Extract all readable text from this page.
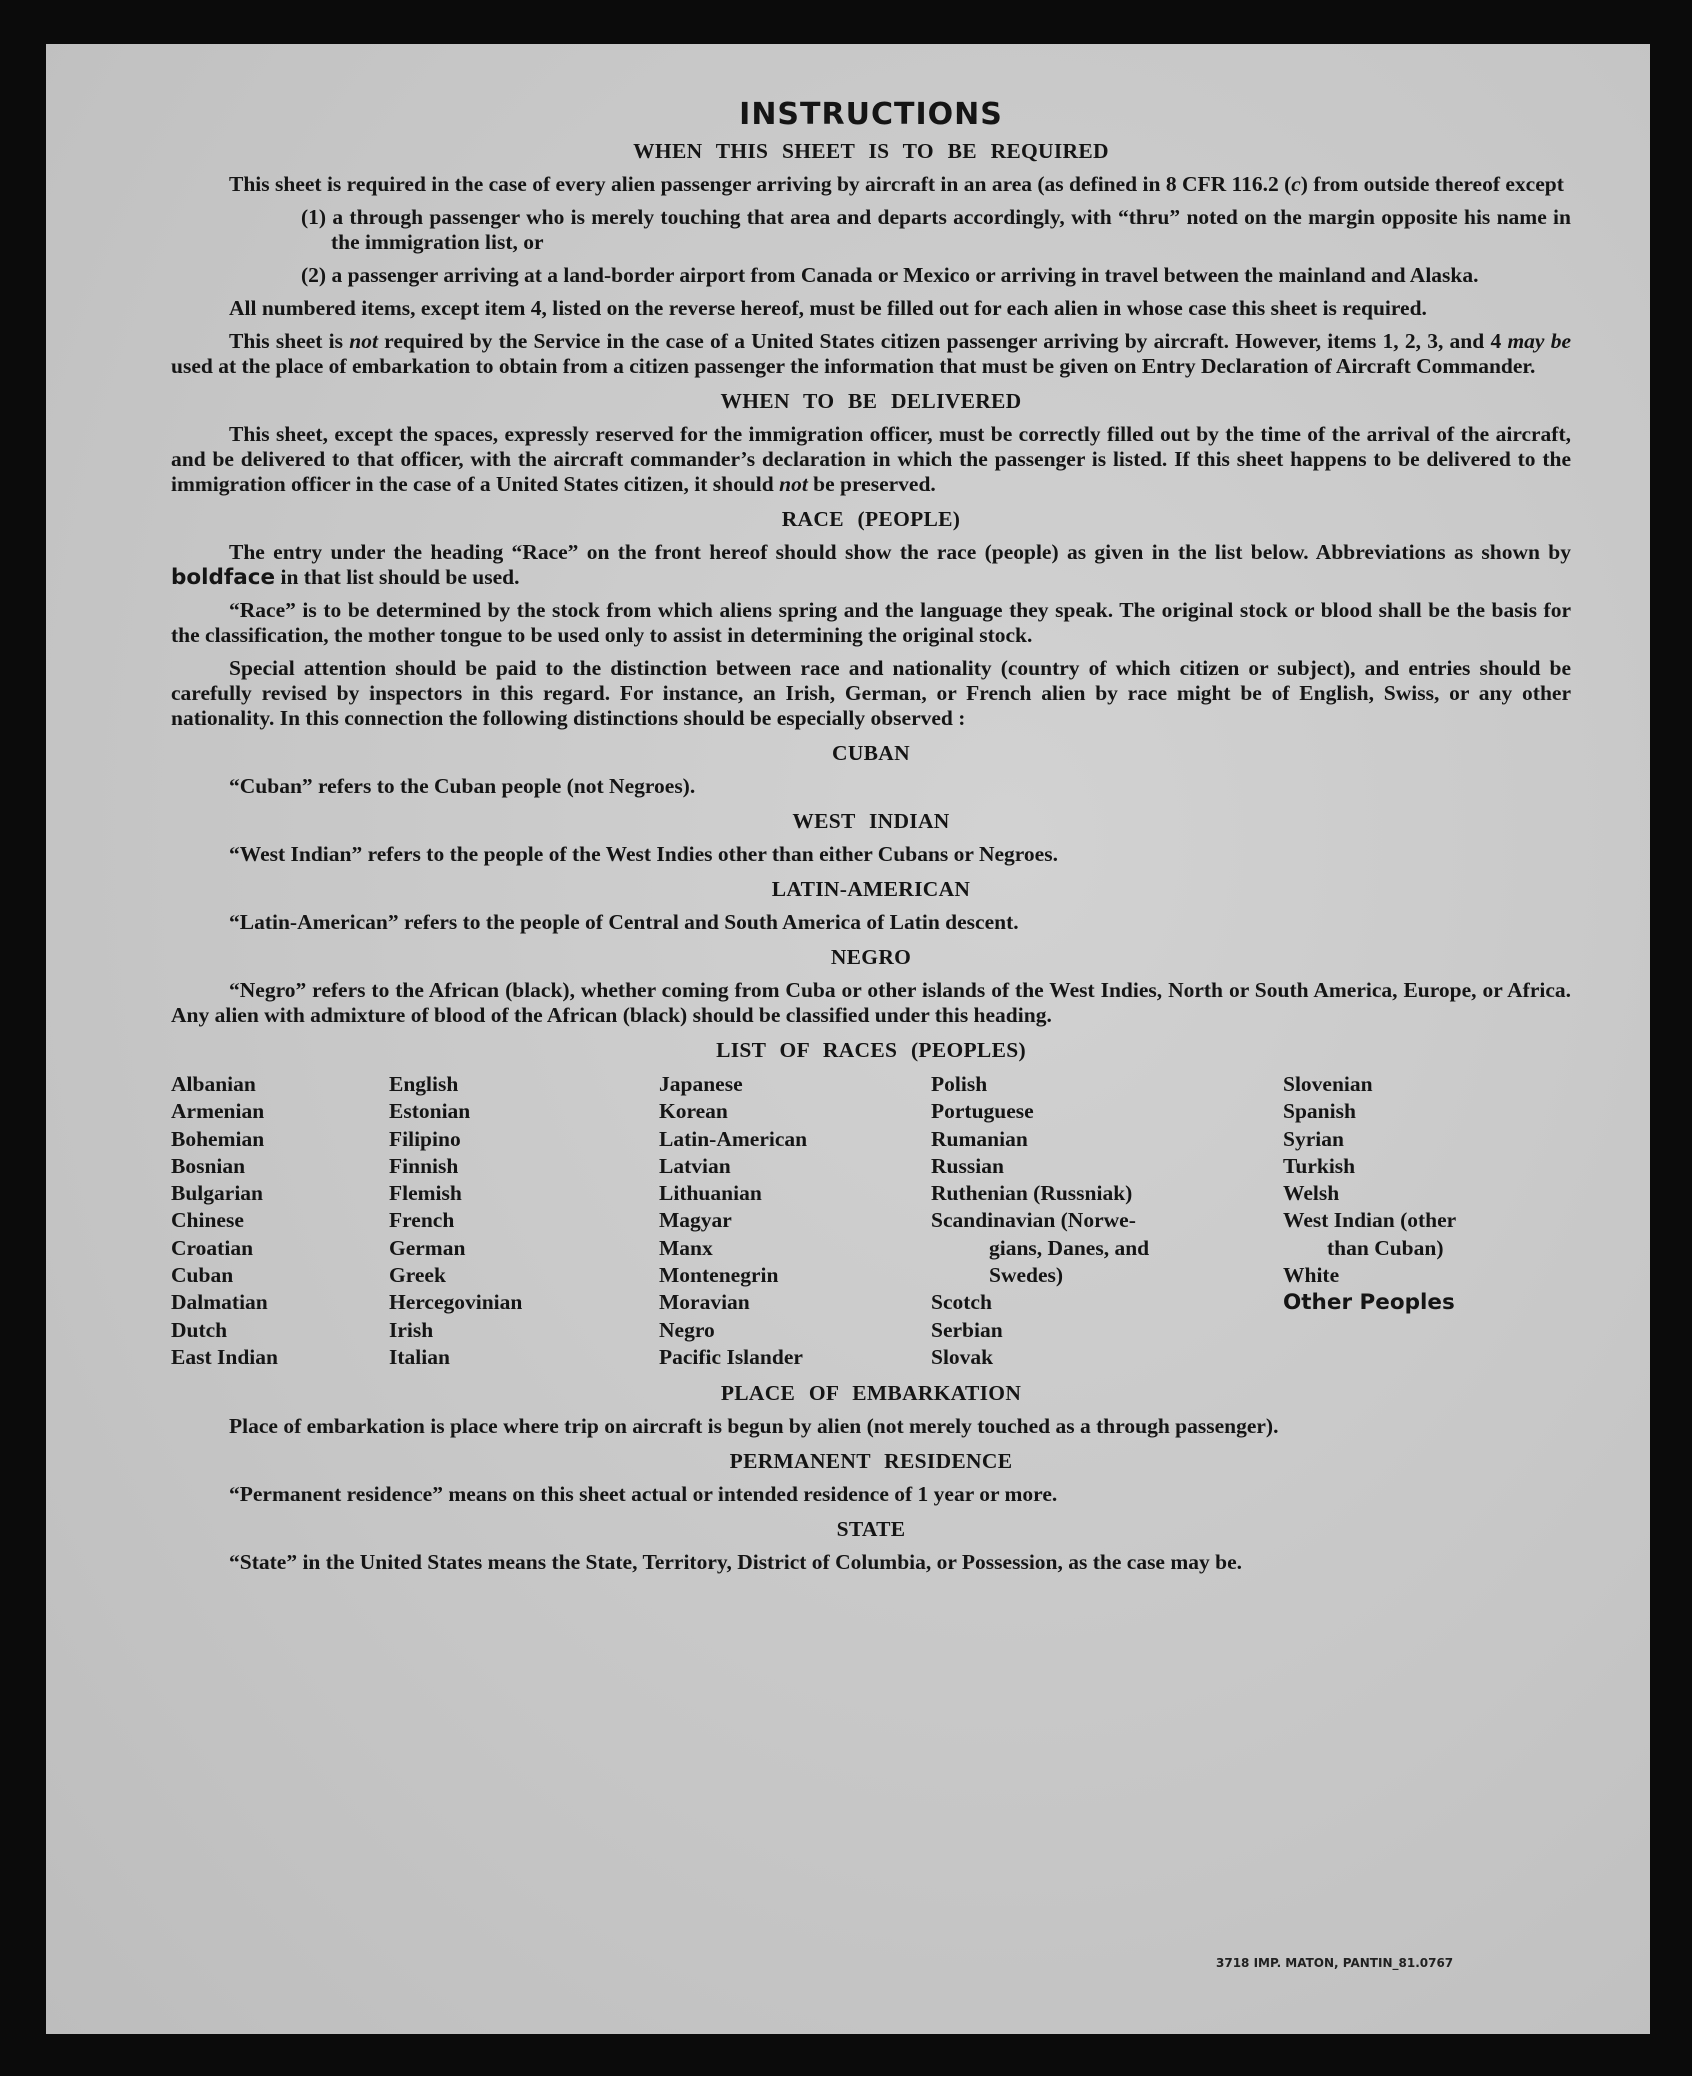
INSTRUCTIONS
WHEN THIS SHEET IS TO BE REQUIRED

This sheet is required in the case of every alien passenger arriving by aircraft in an area (as defined in 8 CFR 116.2 (c) from outside thereof except

(1) a through passenger who is merely touching that area and departs accordingly, with “thru” noted on the margin opposite his name in the immigration list, or
(2) a passenger arriving at a land-border airport from Canada or Mexico or arriving in travel between the mainland and Alaska.

All numbered items, except item 4, listed on the reverse hereof, must be filled out for each alien in whose case this sheet is required.

This sheet is not required by the Service in the case of a United States citizen passenger arriving by aircraft. However, items 1, 2, 3, and 4 may be used at the place of embarkation to obtain from a citizen passenger the information that must be given on Entry Declaration of Aircraft Commander.

WHEN TO BE DELIVERED

This sheet, except the spaces, expressly reserved for the immigration officer, must be correctly filled out by the time of the arrival of the aircraft, and be delivered to that officer, with the aircraft commander’s declaration in which the passenger is listed. If this sheet happens to be delivered to the immigration officer in the case of a United States citizen, it should not be preserved.

RACE (PEOPLE)

The entry under the heading “Race” on the front hereof should show the race (people) as given in the list below. Abbreviations as shown by boldface in that list should be used.

“Race” is to be determined by the stock from which aliens spring and the language they speak. The original stock or blood shall be the basis for the classification, the mother tongue to be used only to assist in determining the original stock.

Special attention should be paid to the distinction between race and nationality (country of which citizen or subject), and entries should be carefully revised by inspectors in this regard. For instance, an Irish, German, or French alien by race might be of English, Swiss, or any other nationality. In this connection the following distinctions should be especially observed :

CUBAN

“Cuban” refers to the Cuban people (not Negroes).

WEST INDIAN

“West Indian” refers to the people of the West Indies other than either Cubans or Negroes.

LATIN-AMERICAN

“Latin-American” refers to the people of Central and South America of Latin descent.

NEGRO

“Negro” refers to the African (black), whether coming from Cuba or other islands of the West Indies, North or South America, Europe, or Africa. Any alien with admixture of blood of the African (black) should be classified under this heading.

LIST OF RACES (PEOPLES)
Albanian
Armenian
Bohemian
Bosnian
Bulgarian
Chinese
Croatian
Cuban
Dalmatian
Dutch
East Indian
English
Estonian
Filipino
Finnish
Flemish
French
German
Greek
Hercegovinian
Irish
Italian
Japanese
Korean
Latin-American
Latvian
Lithuanian
Magyar
Manx
Montenegrin
Moravian
Negro
Pacific Islander
Polish
Portuguese
Rumanian
Russian
Ruthenian (Russniak)
Scandinavian (Norwe-
gians, Danes, and
Swedes)
Scotch
Serbian
Slovak
Slovenian
Spanish
Syrian
Turkish
Welsh
West Indian (other
than Cuban)
White
Other Peoples
PLACE OF EMBARKATION

Place of embarkation is place where trip on aircraft is begun by alien (not merely touched as a through passenger).

PERMANENT RESIDENCE

“Permanent residence” means on this sheet actual or intended residence of 1 year or more.

STATE

“State” in the United States means the State, Territory, District of Columbia, or Possession, as the case may be.

3718 IMP. MATON, PANTIN_81.0767
